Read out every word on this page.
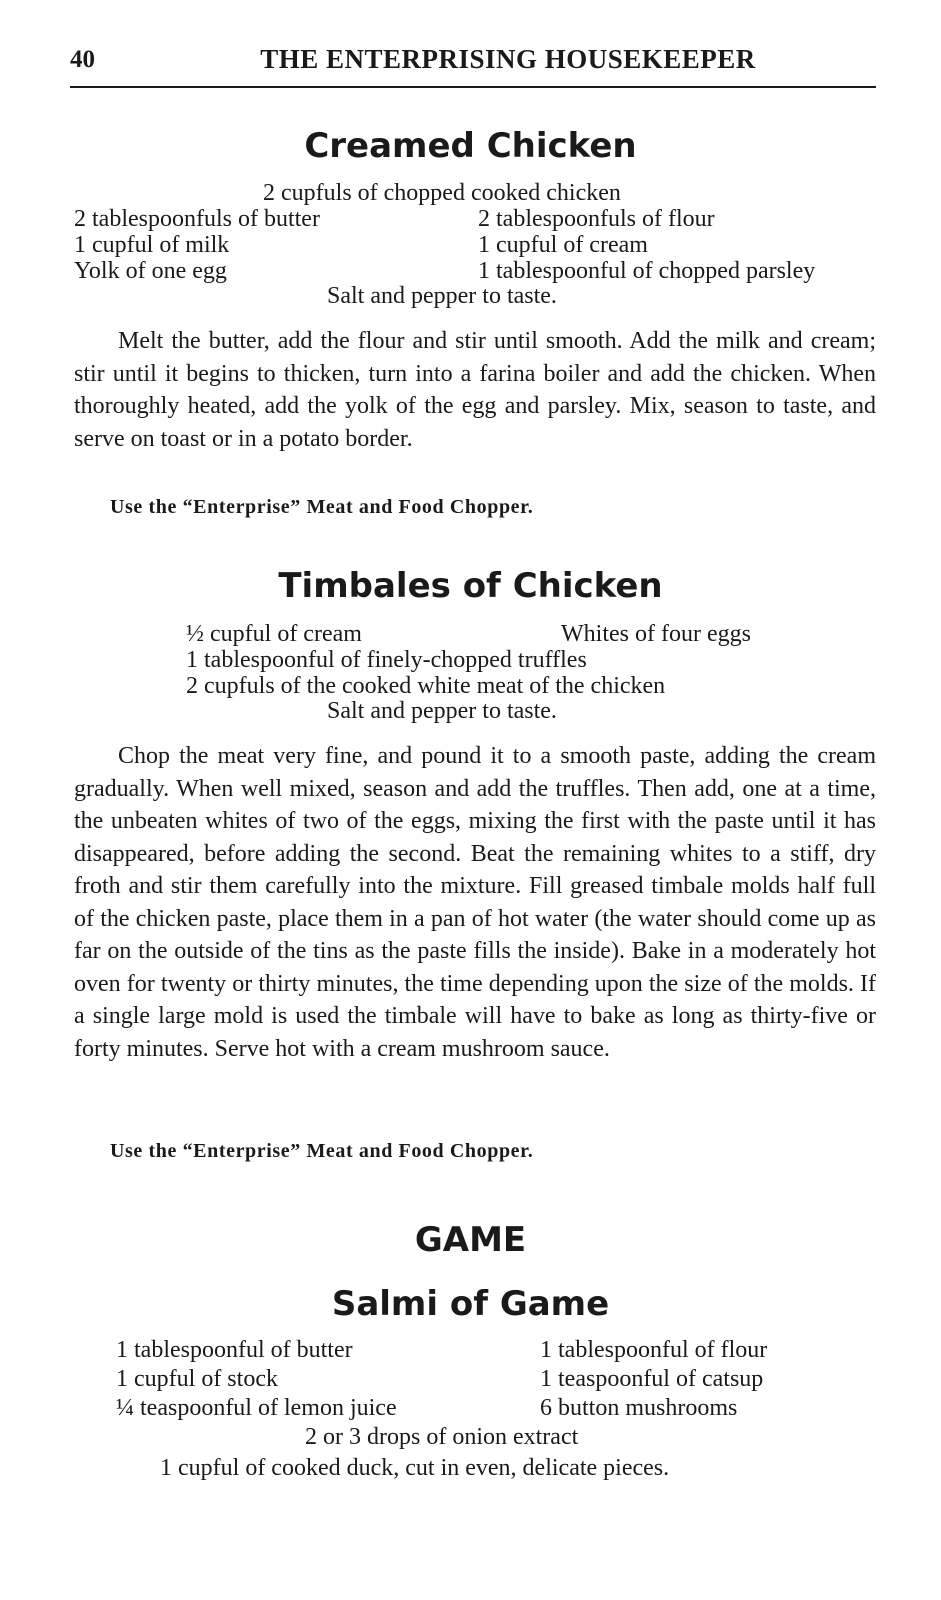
40	THE ENTERPRISING HOUSEKEEPER
Creamed Chicken
2 cupfuls of chopped cooked chicken
2 tablespoonfuls of butter	2 tablespoonfuls of flour
1 cupful of milk	1 cupful of cream
Yolk of one egg	1 tablespoonful of chopped parsley
Salt and pepper to taste.

Melt the butter, add the flour and stir until smooth. Add the milk and cream; stir until it begins to thicken, turn into a farina boiler and add the chicken. When thoroughly heated, add the yolk of the egg and parsley. Mix, season to taste, and serve on toast or in a potato border.

Use the “Enterprise” Meat and Food Chopper.
Timbales of Chicken
½ cupful of cream	Whites of four eggs
1 tablespoonful of finely-chopped truffles
2 cupfuls of the cooked white meat of the chicken
Salt and pepper to taste.

Chop the meat very fine, and pound it to a smooth paste, adding the cream gradually. When well mixed, season and add the truffles. Then add, one at a time, the unbeaten whites of two of the eggs, mixing the first with the paste until it has disappeared, before adding the second. Beat the remaining whites to a stiff, dry froth and stir them carefully into the mixture. Fill greased timbale molds half full of the chicken paste, place them in a pan of hot water (the water should come up as far on the outside of the tins as the paste fills the inside). Bake in a moderately hot oven for twenty or thirty minutes, the time depending upon the size of the molds. If a single large mold is used the timbale will have to bake as long as thirty-five or forty minutes. Serve hot with a cream mushroom sauce.

Use the “Enterprise” Meat and Food Chopper.
GAME
Salmi of Game
1 tablespoonful of butter	1 tablespoonful of flour
1 cupful of stock	1 teaspoonful of catsup
¼ teaspoonful of lemon juice	6 button mushrooms
2 or 3 drops of onion extract
1 cupful of cooked duck, cut in even, delicate pieces.
